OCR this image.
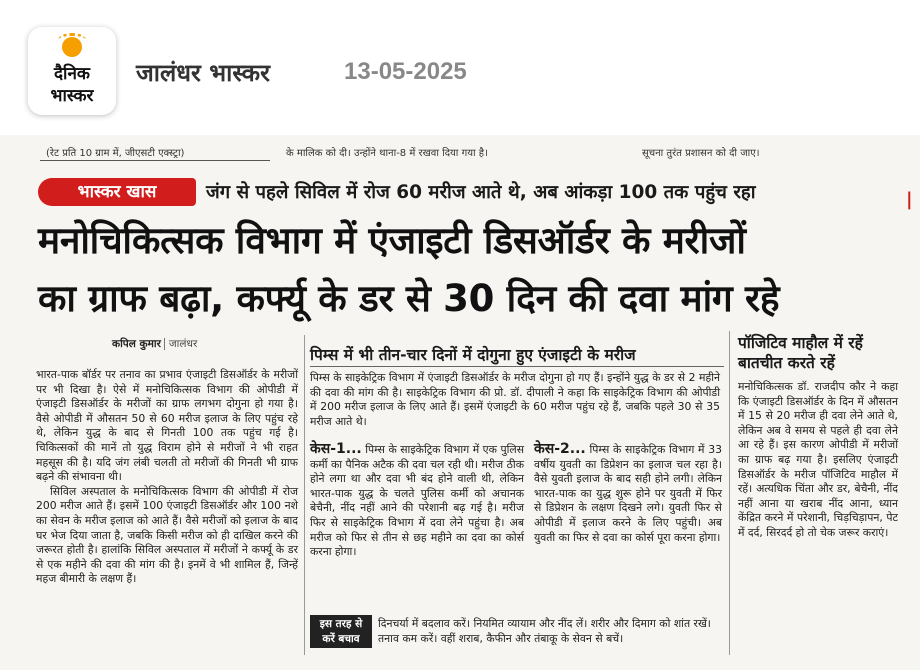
दैनिक
भास्कर
जालंधर भास्कर	13-05-2025
(रेट प्रति 10 ग्राम में, जीएसटी एक्स्ट्रा)	के मालिक को दी। उन्होंने थाना-8 में रखवा दिया गया है।	सूचना तुरंत प्रशासन को दी जाए।
भास्कर खास	जंग से पहले सिविल में रोज 60 मरीज आते थे, अब आंकड़ा 100 तक पहुंच रहा
मनोचिकित्सक विभाग में एंजाइटी डिसऑर्डर के मरीजों
का ग्राफ बढ़ा, कर्फ्यू के डर से 30 दिन की दवा मांग रहे
कपिल कुमार जालंधर

भारत-पाक बॉर्डर पर तनाव का प्रभाव एंजाइटी डिसऑर्डर के मरीजों पर भी दिखा है। ऐसे में मनोचिकित्सक विभाग की ओपीडी में एंजाइटी डिसऑर्डर के मरीजों का ग्राफ लगभग दोगुना हो गया है। वैसे ओपीडी में औसतन 50 से 60 मरीज इलाज के लिए पहुंच रहे थे, लेकिन युद्ध के बाद से गिनती 100 तक पहुंच गई है। चिकित्सकों की मानें तो युद्ध विराम होने से मरीजों ने भी राहत महसूस की है। यदि जंग लंबी चलती तो मरीजों की गिनती भी ग्राफ बढ़ने की संभावना थी।

सिविल अस्पताल के मनोचिकित्सक विभाग की ओपीडी में रोज 200 मरीज आते हैं। इसमें 100 एंजाइटी डिसऑर्डर और 100 नशे का सेवन के मरीज इलाज को आते हैं। वैसे मरीजों को इलाज के बाद घर भेज दिया जाता है, जबकि किसी मरीज को ही दाखिल करने की जरूरत होती है। हालांकि सिविल अस्पताल में मरीजों ने कर्फ्यू के डर से एक महीने की दवा की मांग की है। इनमें वे भी शामिल हैं, जिन्हें महज बीमारी के लक्षण हैं।

पिम्स में भी तीन-चार दिनों में दोगुना हुए एंजाइटी के मरीज
पिम्स के साइकेट्रिक विभाग में एंजाइटी डिसऑर्डर के मरीज दोगुना हो गए हैं। इन्होंने युद्ध के डर से 2 महीने की दवा की मांग की है। साइकेट्रिक विभाग की प्रो. डॉ. दीपाली ने कहा कि साइकेट्रिक विभाग की ओपीडी में 200 मरीज इलाज के लिए आते हैं। इसमें एंजाइटी के 60 मरीज पहुंच रहे हैं, जबकि पहले 30 से 35 मरीज आते थे।
केस-1... पिम्स के साइकेट्रिक विभाग में एक पुलिस कर्मी का पैनिक अटैक की दवा चल रही थी। मरीज ठीक होने लगा था और दवा भी बंद होने वाली थी, लेकिन भारत-पाक युद्ध के चलते पुलिस कर्मी को अचानक बेचैनी, नींद नहीं आने की परेशानी बढ़ गई है। मरीज फिर से साइकेट्रिक विभाग में दवा लेने पहुंचा है। अब मरीज को फिर से तीन से छह महीने का दवा का कोर्स करना होगा।
केस-2... पिम्स के साइकेट्रिक विभाग में 33 वर्षीय युवती का डिप्रेशन का इलाज चल रहा है। वैसे युवती इलाज के बाद सही होने लगी। लेकिन भारत-पाक का युद्ध शुरू होने पर युवती में फिर से डिप्रेशन के लक्षण दिखने लगे। युवती फिर से ओपीडी में इलाज करने के लिए पहुंची। अब युवती का फिर से दवा का कोर्स पूरा करना होगा।
इस तरह से
करें बचाव
दिनचर्या में बदलाव करें। नियमित व्यायाम और नींद लें। शरीर और दिमाग को शांत रखें। तनाव कम करें। वहीं शराब, कैफीन और तंबाकू के सेवन से बचें।
पॉजिटिव माहौल में रहें
बातचीत करते रहें
मनोचिकित्सक डॉ. राजदीप कौर ने कहा कि एंजाइटी डिसऑर्डर के दिन में औसतन में 15 से 20 मरीज ही दवा लेने आते थे, लेकिन अब वे समय से पहले ही दवा लेने आ रहे हैं। इस कारण ओपीडी में मरीजों का ग्राफ बढ़ गया है। इसलिए एंजाइटी डिसऑर्डर के मरीज पॉजिटिव माहौल में रहें। अत्यधिक चिंता और डर, बेचैनी, नींद नहीं आना या खराब नींद आना, ध्यान केंद्रित करने में परेशानी, चिड़चिड़ापन, पेट में दर्द, सिरदर्द हो तो चेक जरूर कराएं।
|
